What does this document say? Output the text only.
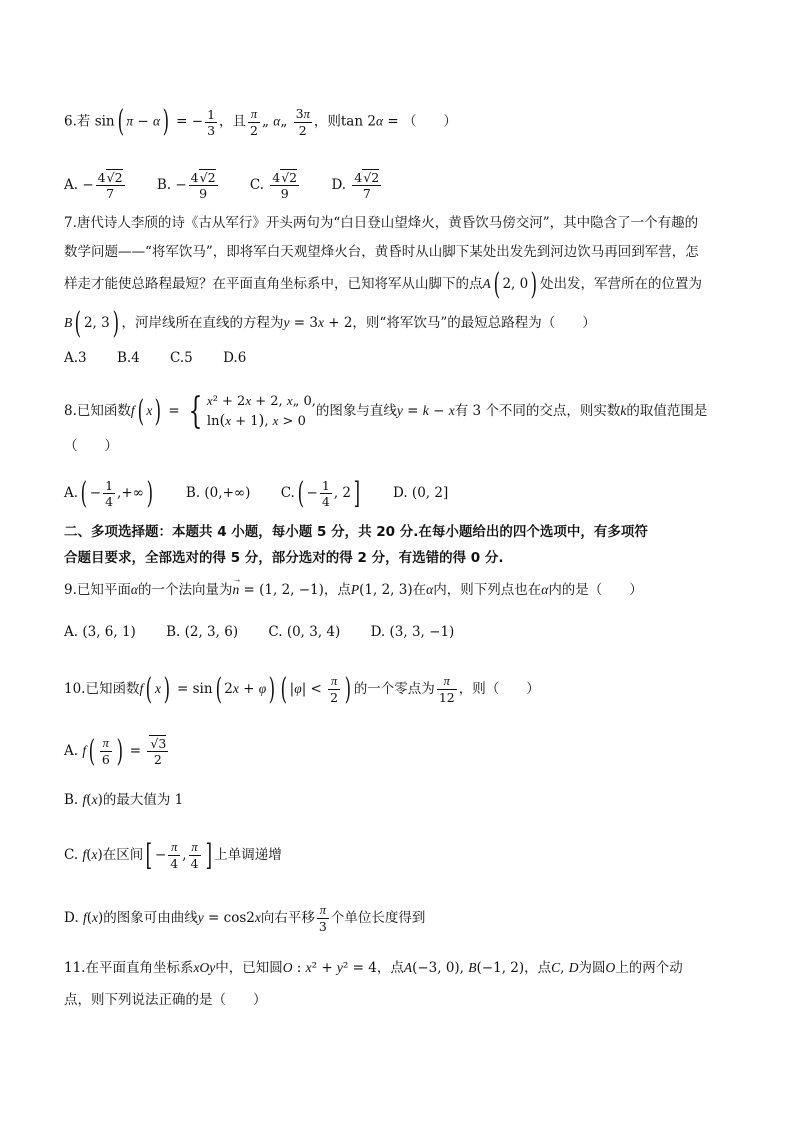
6.若 sin( π − α) = − $\frac{1}{3}$ ，且 $\frac{\pi}{2}$ „ α„ $\frac{3\pi}{2}$ ，则tan 2α = （　　）
A. − $\frac{4√2}{7} B$. − $\frac{4√2}{9} C$. $\frac{4√2}{9} D$. $\frac{4√2}{7}$
7.唐代诗人李颀的诗《古从军行》开头两句为“白日登山望烽火，黄昏饮马傍交河”，其中隐含了一个有趣的
数学问题——“将军饮马”，即将军白天观望烽火台，黄昏时从山脚下某处出发先到河边饮马再回到军营，怎
样走才能使总路程最短？在平面直角坐标系中，已知将军从山脚下的点A( 2, 0) 处出发，军营所在的位置为
B( 2, 3) ，河岸线所在直线的方程为y = 3x + 2，则“将军饮马”的最短总路程为（　　）
A.3 B.4 C.5 D.6
8.已知函数f( x) = { x² + 2x + 2, x„ 0,
ln(x + 1), x > 0
的图象与直线y = k − x有 3 个不同的交点，则实数k的取值范围是
（　　）
$A.( - \frac{1}{4}$ ,+∞) B. (0,+∞) $C.( - \frac{1}{4}$ , 2] D. (0, 2]
二、多项选择题：本题共 4 小题，每小题 5 分，共 20 分.在每小题给出的四个选项中，有多项符
合题目要求，全部选对的得 5 分，部分选对的得 2 分，有选错的得 0 分.
9.已知平面α的一个法向量为→ n = (1, 2, −1)，点P(1, 2, 3)在α内，则下列点也在α内的是（　　）
A. (3, 6, 1) B. (2, 3, 6) C. (0, 3, 4) D. (3, 3, −1)
10.已知函数f( x) = sin( 2x + φ) ( $|\varphi| < \frac{\pi}{2}$ ) 的一个零点为 $\frac{\pi}{12}$ ，则（　　）
A. $f( \frac{\pi}{6}$ ) = $\frac{√3}{2}$
B. f(x)的最大值为 1
C. f(x)在区间[ − $\frac{\pi}{4}$ , $\frac{\pi}{4}$ ] 上单调递增
D. f(x)的图象可由曲线y = cos2x向右平移 $\frac{\pi}{3}$ 个单位长度得到
11.在平面直角坐标系xOy中，已知圆O : x² + y² = 4，点A(−3, 0), B(−1, 2)，点C, D为圆O上的两个动
点，则下列说法正确的是（　　）
